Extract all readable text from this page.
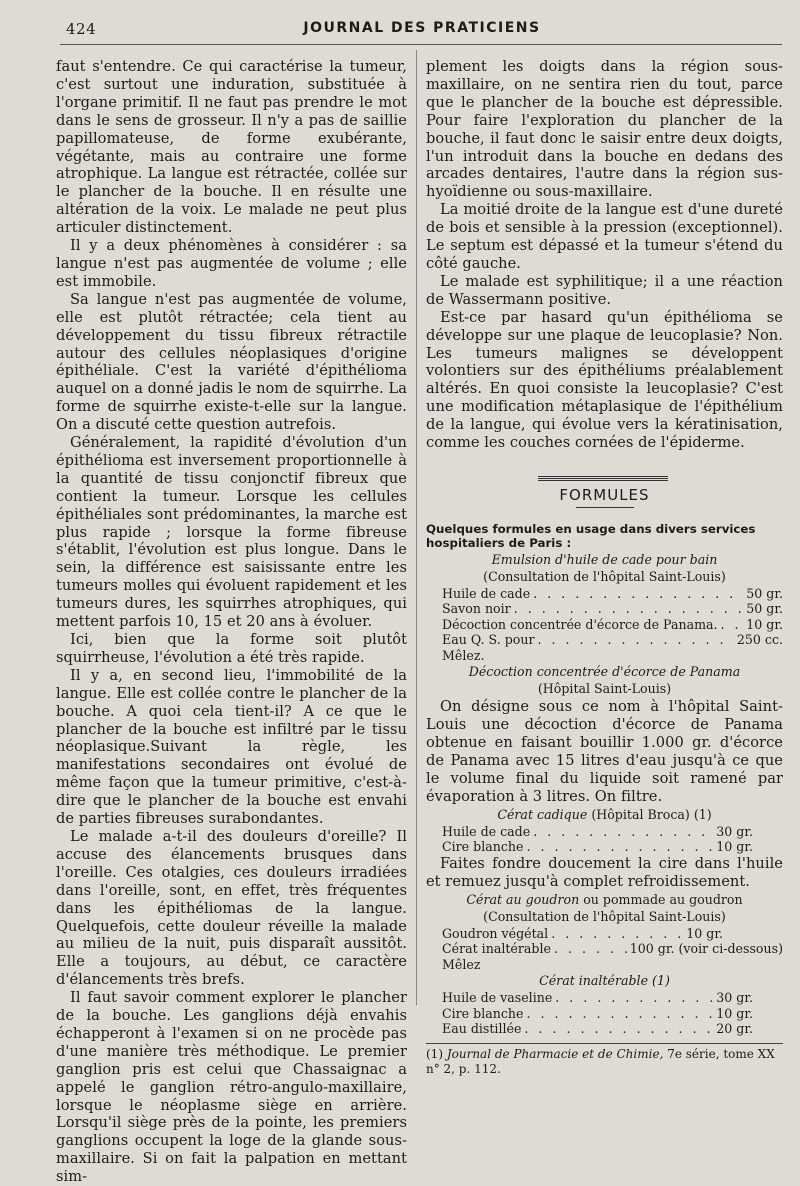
424	JOURNAL DES PRATICIENS

faut s'entendre. Ce qui caractérise la tumeur, c'est surtout une induration, substituée à l'organe primitif. Il ne faut pas prendre le mot dans le sens de grosseur. Il n'y a pas de saillie papillomateuse, de forme exubérante, végétante, mais au contraire une forme atrophique. La langue est rétractée, collée sur le plancher de la bouche. Il en résulte une altération de la voix. Le malade ne peut plus articuler distinctement.

Il y a deux phénomènes à considérer : sa langue n'est pas augmentée de volume ; elle est immobile.

Sa langue n'est pas augmentée de volume, elle est plutôt rétractée; cela tient au développement du tissu fibreux rétractile autour des cellules néoplasiques d'origine épithéliale. C'est la variété d'épithélioma auquel on a donné jadis le nom de squirrhe. La forme de squirrhe existe-t-elle sur la langue. On a discuté cette question autrefois.

Généralement, la rapidité d'évolution d'un épithélioma est inversement proportionnelle à la quantité de tissu conjonctif fibreux que contient la tumeur. Lorsque les cellules épithéliales sont prédominantes, la marche est plus rapide ; lorsque la forme fibreuse s'établit, l'évolution est plus longue. Dans le sein, la différence est saisissante entre les tumeurs molles qui évoluent rapidement et les tumeurs dures, les squirrhes atrophiques, qui mettent parfois 10, 15 et 20 ans à évoluer.

Ici, bien que la forme soit plutôt squirrheuse, l'évolution a été très rapide.

Il y a, en second lieu, l'immobilité de la langue. Elle est collée contre le plancher de la bouche. A quoi cela tient-il? A ce que le plancher de la bouche est infiltré par le tissu néoplasique.Suivant la règle, les manifestations secondaires ont évolué de même façon que la tumeur primitive, c'est-à-dire que le plancher de la bouche est envahi de parties fibreuses surabondantes.

Le malade a-t-il des douleurs d'oreille? Il accuse des élancements brusques dans l'oreille. Ces otalgies, ces douleurs irradiées dans l'oreille, sont, en effet, très fréquentes dans les épithéliomas de la langue. Quelquefois, cette douleur réveille la malade au milieu de la nuit, puis disparaît aussitôt. Elle a toujours, au début, ce caractère d'élancements très brefs.

Il faut savoir comment explorer le plancher de la bouche. Les ganglions déjà envahis échapperont à l'examen si on ne procède pas d'une manière très méthodique. Le premier ganglion pris est celui que Chassaignac a appelé le ganglion rétro-angulo-maxillaire, lorsque le néoplasme siège en arrière. Lorsqu'il siège près de la pointe, les premiers ganglions occupent la loge de la glande sous-maxillaire. Si on fait la palpation en mettant sim-

plement les doigts dans la région sous-maxillaire, on ne sentira rien du tout, parce que le plancher de la bouche est dépressible. Pour faire l'exploration du plancher de la bouche, il faut donc le saisir entre deux doigts, l'un introduit dans la bouche en dedans des arcades dentaires, l'autre dans la région sus-hyoïdienne ou sous-maxillaire.

La moitié droite de la langue est d'une dureté de bois et sensible à la pression (exceptionnel). Le septum est dépassé et la tumeur s'étend du côté gauche.

Le malade est syphilitique; il a une réaction de Wassermann positive.

Est-ce par hasard qu'un épithélioma se développe sur une plaque de leucoplasie? Non. Les tumeurs malignes se développent volontiers sur des épithéliums préalablement altérés. En quoi consiste la leucoplasie? C'est une modification métaplasique de l'épithélium de la langue, qui évolue vers la kératinisation, comme les couches cornées de l'épiderme.

FORMULES
Quelques formules en usage dans divers services hospitaliers de Paris :
Emulsion d'huile de cade pour bain
(Consultation de l'hôpital Saint-Louis)
Huile de cade . . .	50 gr.
Savon noir . . .	50 gr.
Décoction concentrée d'écorce de Panama. . . . 10 gr.
Eau Q. S. pour . . .	250 cc.
Mêlez.
Décoction concentrée d'écorce de Panama
(Hôpital Saint-Louis)

On désigne sous ce nom à l'hôpital Saint-Louis une décoction d'écorce de Panama obtenue en faisant bouillir 1.000 gr. d'écorce de Panama avec 15 litres d'eau jusqu'à ce que le volume final du liquide soit ramené par évaporation à 3 litres. On filtre.

Cérat cadique (Hôpital Broca) (1)
Huile de cade . . .	30 gr.
Cire blanche . . .	10 gr.

Faites fondre doucement la cire dans l'huile et remuez jusqu'à complet refroidissement.

Cérat au goudron ou pommade au goudron
(Consultation de l'hôpital Saint-Louis)
Goudron végétal . . .	10 gr.
Cérat inaltérable . . .	100 gr. (voir ci-dessous)
Mêlez
Cérat inaltérable (1)
Huile de vaseline . . .	30 gr.
Cire blanche . . .	10 gr.
Eau distillée . . .	20 gr.
(1) Journal de Pharmacie et de Chimie, 7e série, tome XX n° 2, p. 112.
